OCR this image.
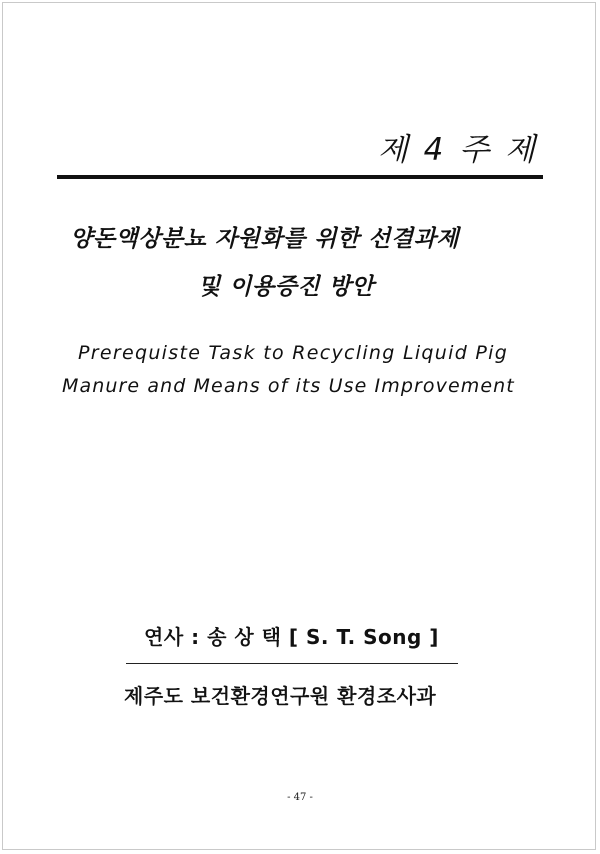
제 4 주 제
양돈액상분뇨 자원화를 위한 선결과제
및 이용증진 방안
Prerequiste Task to Recycling Liquid Pig
Manure and Means of its Use Improvement
연사 : 송 상 택 [ S. T. Song ]
제주도 보건환경연구원 환경조사과
- 47 -
